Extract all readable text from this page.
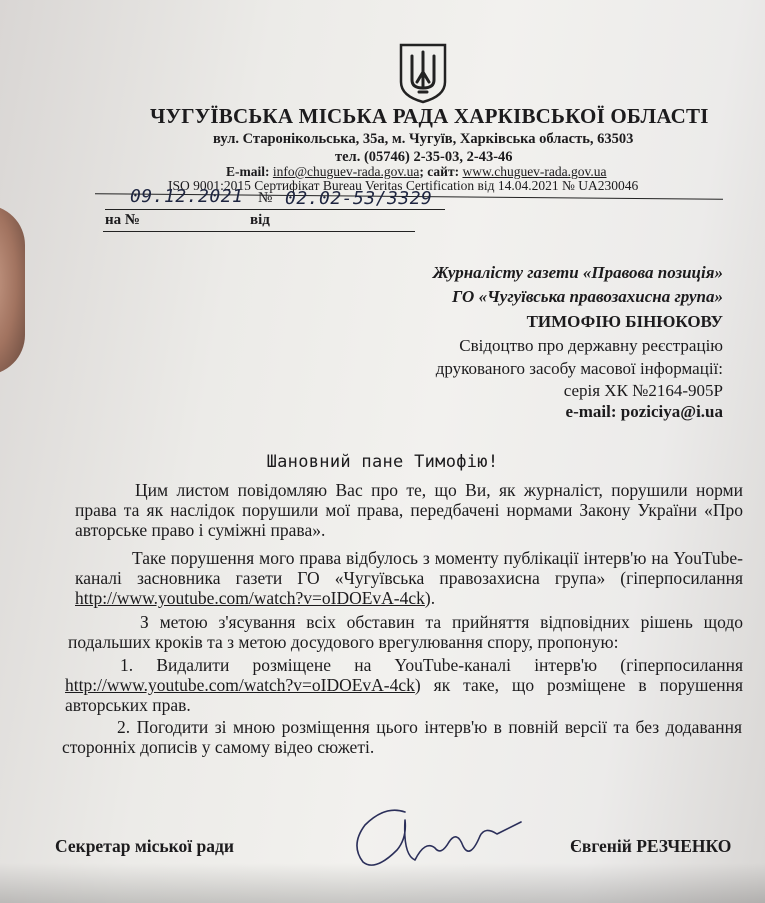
ЧУГУЇВСЬКА МІСЬКА РАДА ХАРКІВСЬКОЇ ОБЛАСТІ
вул. Старонікольська, 35а, м. Чугуїв, Харківська область, 63503
тел. (05746) 2-35-03, 2-43-46
E-mail: info@chuguev-rada.gov.ua; сайт: www.chuguev-rada.gov.ua
ISO 9001:2015 Сертифікат Bureau Veritas Certification від 14.04.2021 № UA230046
09.12.2021 № 02.02-53/3329
на №	від
Журналісту газети «Правова позиція»
ГО «Чугуївська правозахисна група»
ТИМОФІЮ БІНЮКОВУ
Свідоцтво про державну реєстрацію
друкованого засобу масової інформації:
серія ХК №2164-905Р
e-mail: poziciya@i.ua
Шановний пане Тимофію!
Цим листом повідомляю Вас про те, що Ви, як журналіст, порушили норми права та як наслідок порушили мої права, передбачені нормами Закону України «Про авторське право і суміжні права».
Таке порушення мого права відбулось з моменту публікації інтерв'ю на YouTube-каналі засновника газети ГО «Чугуївська правозахисна група» (гіперпосилання http://www.youtube.com/watch?v=oIDOEvA-4ck).
З метою з'ясування всіх обставин та прийняття відповідних рішень щодо подальших кроків та з метою досудового врегулювання спору, пропоную:
1. Видалити розміщене на YouTube-каналі інтерв'ю (гіперпосилання http://www.youtube.com/watch?v=oIDOEvA-4ck) як таке, що розміщене в порушення авторських прав.
2. Погодити зі мною розміщення цього інтерв'ю в повній версії та без додавання сторонніх дописів у самому відео сюжеті.
Секретар міської ради	Євгеній РЕЗЧЕНКО
